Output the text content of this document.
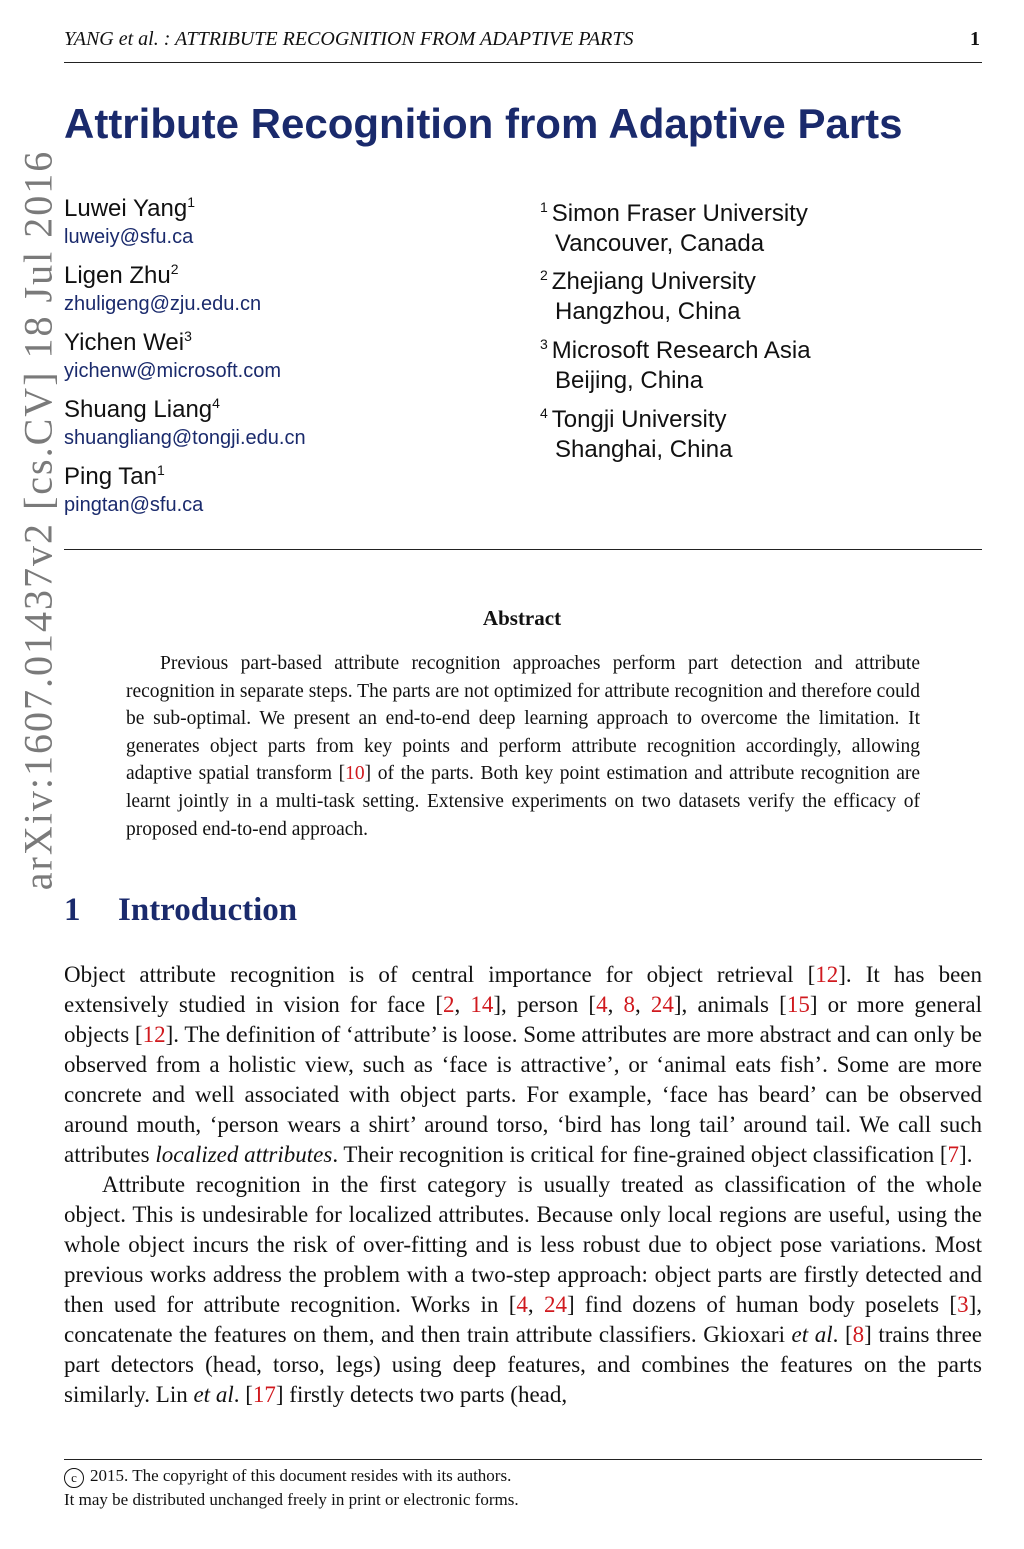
YANG et al. : ATTRIBUTE RECOGNITION FROM ADAPTIVE PARTS	1
arXiv:1607.01437v2 [cs.CV] 18 Jul 2016
Attribute Recognition from Adaptive Parts
Luwei Yang$^1$
luweiy@sfu.ca
Ligen Zhu$^2$
zhuligeng@zju.edu.cn
Yichen Wei$^3$
yichenw@microsoft.com
Shuang Liang$^4$
shuangliang@tongji.edu.cn
Ping Tan$^1$
pingtan@sfu.ca
$^1$ Simon Fraser University
Vancouver, Canada
$^2$ Zhejiang University
Hangzhou, China
$^3$ Microsoft Research Asia
Beijing, China
$^4$ Tongji University
Shanghai, China
Abstract

Previous part-based attribute recognition approaches perform part detection and attribute recognition in separate steps. The parts are not optimized for attribute recognition and therefore could be sub-optimal. We present an end-to-end deep learning approach to overcome the limitation. It generates object parts from key points and perform attribute recognition accordingly, allowing adaptive spatial transform [10] of the parts. Both key point estimation and attribute recognition are learnt jointly in a multi-task setting. Extensive experiments on two datasets verify the efficacy of proposed end-to-end approach.

1 Introduction

Object attribute recognition is of central importance for object retrieval [12]. It has been extensively studied in vision for face [2, 14], person [4, 8, 24], animals [15] or more general objects [12]. The definition of ‘attribute’ is loose. Some attributes are more abstract and can only be observed from a holistic view, such as ‘face is attractive’, or ‘animal eats fish’. Some are more concrete and well associated with object parts. For example, ‘face has beard’ can be observed around mouth, ‘person wears a shirt’ around torso, ‘bird has long tail’ around tail. We call such attributes localized attributes. Their recognition is critical for fine-grained object classification [7].

Attribute recognition in the first category is usually treated as classification of the whole object. This is undesirable for localized attributes. Because only local regions are useful, using the whole object incurs the risk of over-fitting and is less robust due to object pose variations. Most previous works address the problem with a two-step approach: object parts are firstly detected and then used for attribute recognition. Works in [4, 24] find dozens of human body poselets [3], concatenate the features on them, and then train attribute classifiers. Gkioxari et al. [8] trains three part detectors (head, torso, legs) using deep features, and combines the features on the parts similarly. Lin et al. [17] firstly detects two parts (head,

c 2015. The copyright of this document resides with its authors.
It may be distributed unchanged freely in print or electronic forms.
